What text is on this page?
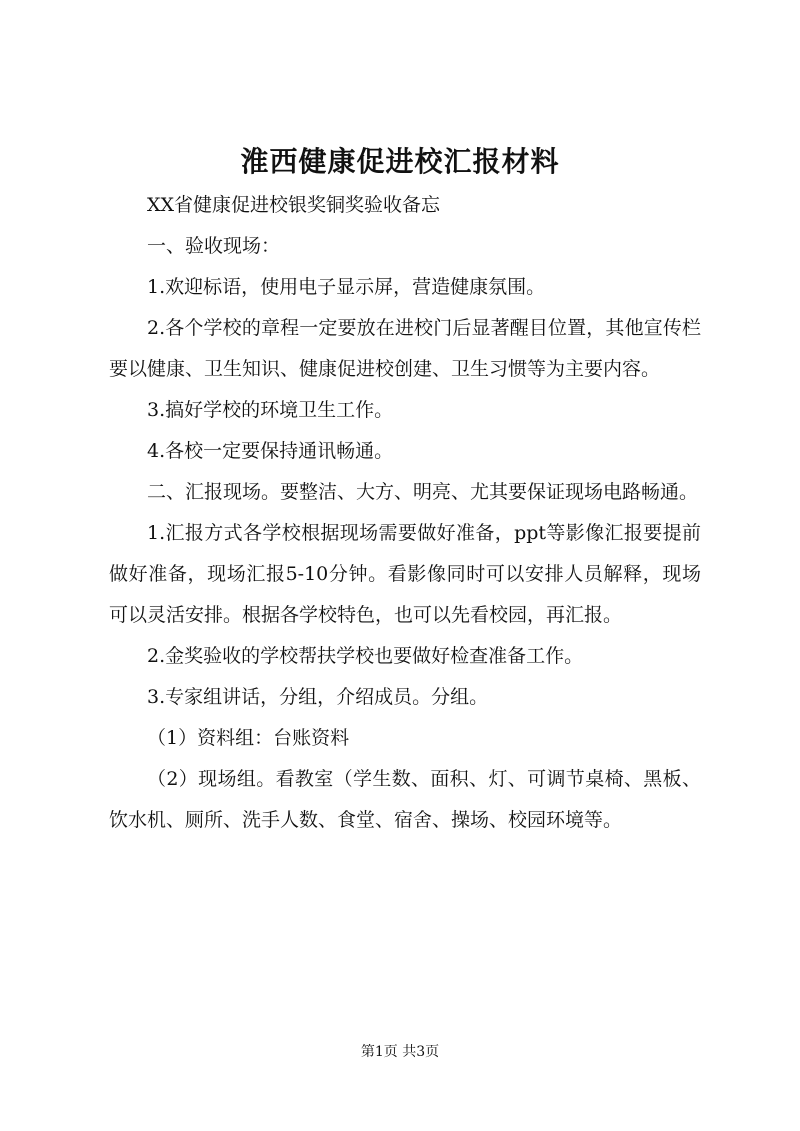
淮西健康促进校汇报材料

XX省健康促进校银奖铜奖验收备忘

一、验收现场：

1.欢迎标语，使用电子显示屏，营造健康氛围。

2.各个学校的章程一定要放在进校门后显著醒目位置，其他宣传栏要以健康、卫生知识、健康促进校创建、卫生习惯等为主要内容。

3.搞好学校的环境卫生工作。

4.各校一定要保持通讯畅通。

二、汇报现场。要整洁、大方、明亮、尤其要保证现场电路畅通。

1.汇报方式各学校根据现场需要做好准备，ppt等影像汇报要提前做好准备，现场汇报5-10分钟。看影像同时可以安排人员解释，现场可以灵活安排。根据各学校特色，也可以先看校园，再汇报。

2.金奖验收的学校帮扶学校也要做好检查准备工作。

3.专家组讲话，分组，介绍成员。分组。

（1）资料组：台账资料

（2）现场组。看教室（学生数、面积、灯、可调节桌椅、黑板、饮水机、厕所、洗手人数、食堂、宿舍、操场、校园环境等。

第1页 共3页
